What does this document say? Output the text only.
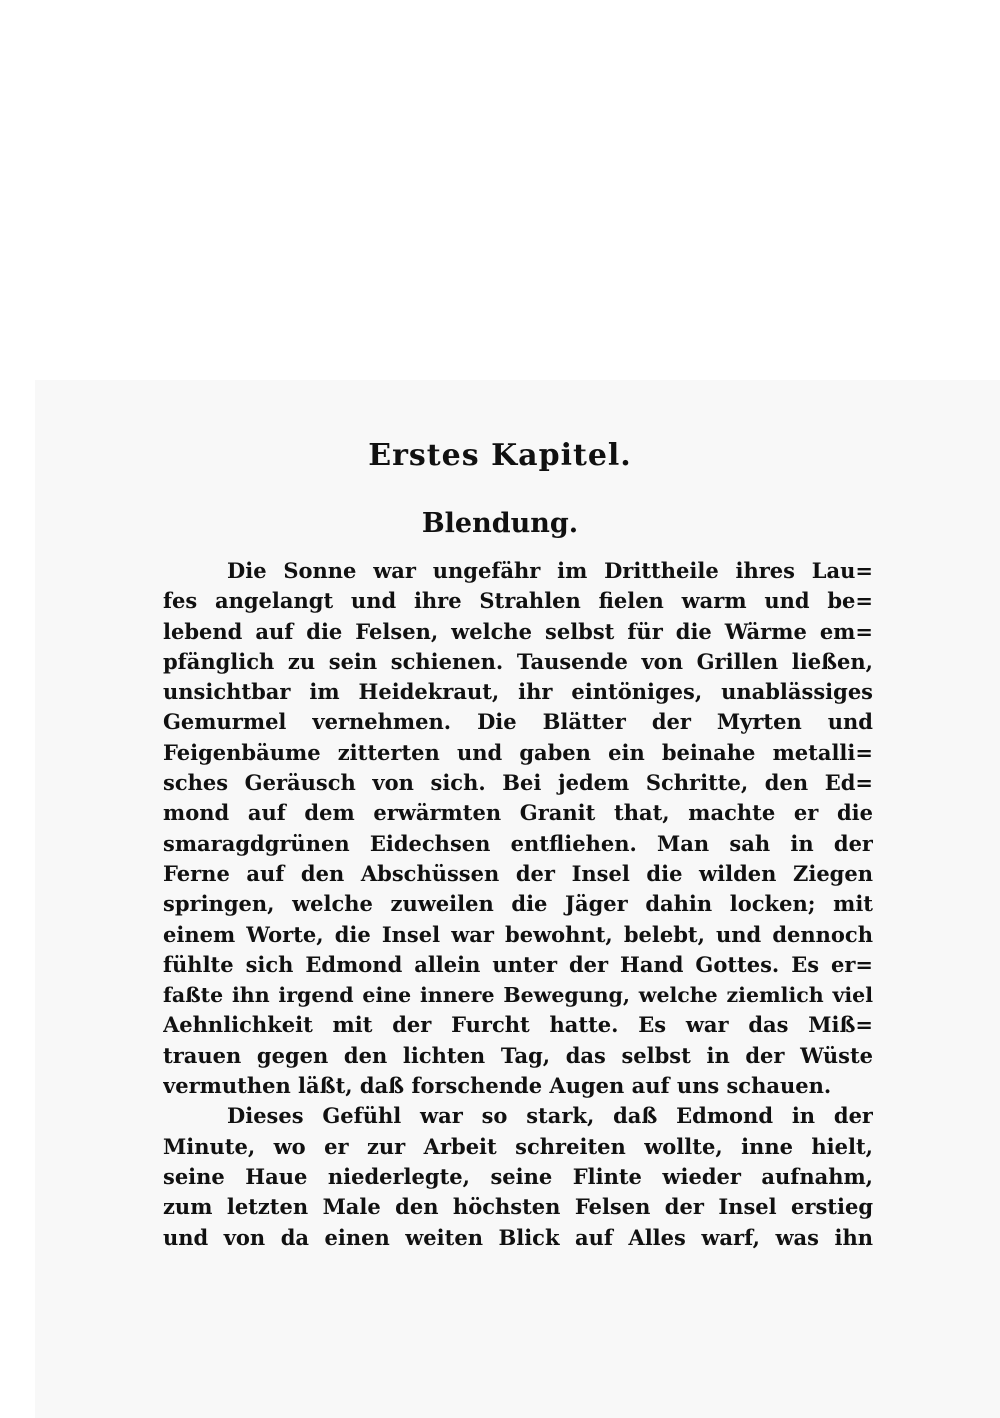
Erstes Kapitel.
Blendung.
Die Sonne war ungefähr im Drittheile ihres Lau=
fes angelangt und ihre Strahlen fielen warm und be=
lebend auf die Felsen, welche selbst für die Wärme em=
pfänglich zu sein schienen. Tausende von Grillen ließen,
unsichtbar im Heidekraut, ihr eintöniges, unablässiges
Gemurmel vernehmen. Die Blätter der Myrten und
Feigenbäume zitterten und gaben ein beinahe metalli=
sches Geräusch von sich. Bei jedem Schritte, den Ed=
mond auf dem erwärmten Granit that, machte er die
smaragdgrünen Eidechsen entfliehen. Man sah in der
Ferne auf den Abschüssen der Insel die wilden Ziegen
springen, welche zuweilen die Jäger dahin locken; mit
einem Worte, die Insel war bewohnt, belebt, und dennoch
fühlte sich Edmond allein unter der Hand Gottes. Es er=
faßte ihn irgend eine innere Bewegung, welche ziemlich viel
Aehnlichkeit mit der Furcht hatte. Es war das Miß=
trauen gegen den lichten Tag, das selbst in der Wüste
vermuthen läßt, daß forschende Augen auf uns schauen.
Dieses Gefühl war so stark, daß Edmond in der
Minute, wo er zur Arbeit schreiten wollte, inne hielt,
seine Haue niederlegte, seine Flinte wieder aufnahm,
zum letzten Male den höchsten Felsen der Insel erstieg
und von da einen weiten Blick auf Alles warf, was ihn
